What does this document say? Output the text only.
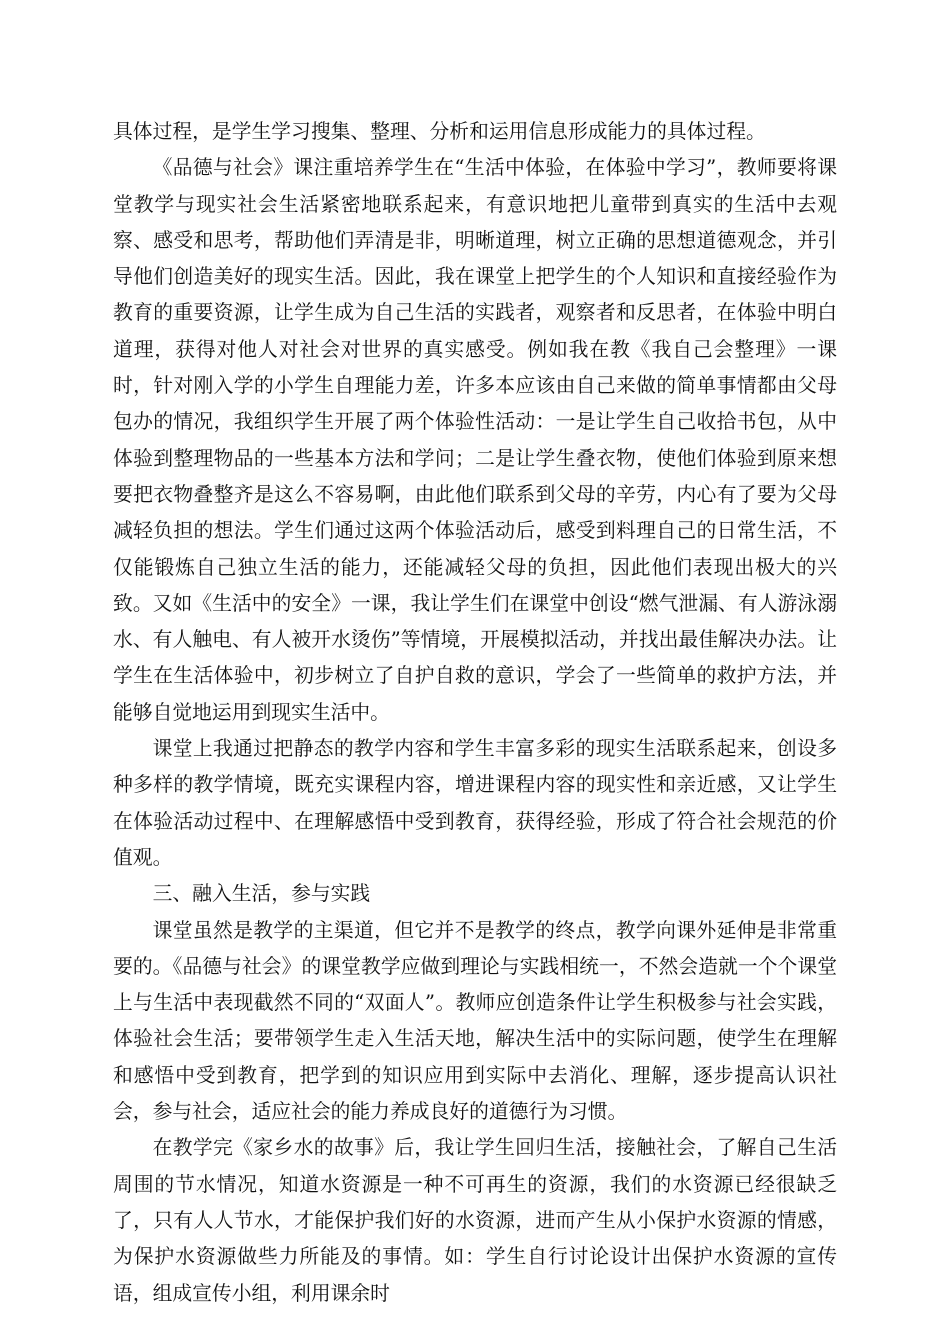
具体过程，是学生学习搜集、整理、分析和运用信息形成能力的具体过程。

《品德与社会》课注重培养学生在“生活中体验，在体验中学习”，教师要将课堂教学与现实社会生活紧密地联系起来，有意识地把儿童带到真实的生活中去观察、感受和思考，帮助他们弄清是非，明晰道理，树立正确的思想道德观念，并引导他们创造美好的现实生活。因此，我在课堂上把学生的个人知识和直接经验作为教育的重要资源，让学生成为自己生活的实践者，观察者和反思者，在体验中明白道理，获得对他人对社会对世界的真实感受。例如我在教《我自己会整理》一课时，针对刚入学的小学生自理能力差，许多本应该由自己来做的简单事情都由父母包办的情况，我组织学生开展了两个体验性活动：一是让学生自己收拾书包，从中体验到整理物品的一些基本方法和学问；二是让学生叠衣物，使他们体验到原来想要把衣物叠整齐是这么不容易啊，由此他们联系到父母的辛劳，内心有了要为父母减轻负担的想法。学生们通过这两个体验活动后，感受到料理自己的日常生活，不仅能锻炼自己独立生活的能力，还能减轻父母的负担，因此他们表现出极大的兴致。又如《生活中的安全》一课，我让学生们在课堂中创设“燃气泄漏、有人游泳溺水、有人触电、有人被开水烫伤”等情境，开展模拟活动，并找出最佳解决办法。让学生在生活体验中，初步树立了自护自救的意识，学会了一些简单的救护方法，并能够自觉地运用到现实生活中。

课堂上我通过把静态的教学内容和学生丰富多彩的现实生活联系起来，创设多种多样的教学情境，既充实课程内容，增进课程内容的现实性和亲近感，又让学生在体验活动过程中、在理解感悟中受到教育，获得经验，形成了符合社会规范的价值观。

三、融入生活，参与实践

课堂虽然是教学的主渠道，但它并不是教学的终点，教学向课外延伸是非常重要的。《品德与社会》的课堂教学应做到理论与实践相统一，不然会造就一个个课堂上与生活中表现截然不同的“双面人”。教师应创造条件让学生积极参与社会实践，体验社会生活；要带领学生走入生活天地，解决生活中的实际问题，使学生在理解和感悟中受到教育，把学到的知识应用到实际中去消化、理解，逐步提高认识社会，参与社会，适应社会的能力养成良好的道德行为习惯。

在教学完《家乡水的故事》后，我让学生回归生活，接触社会，了解自己生活周围的节水情况，知道水资源是一种不可再生的资源，我们的水资源已经很缺乏了，只有人人节水，才能保护我们好的水资源，进而产生从小保护水资源的情感，为保护水资源做些力所能及的事情。如：学生自行讨论设计出保护水资源的宣传语，组成宣传小组，利用课余时
